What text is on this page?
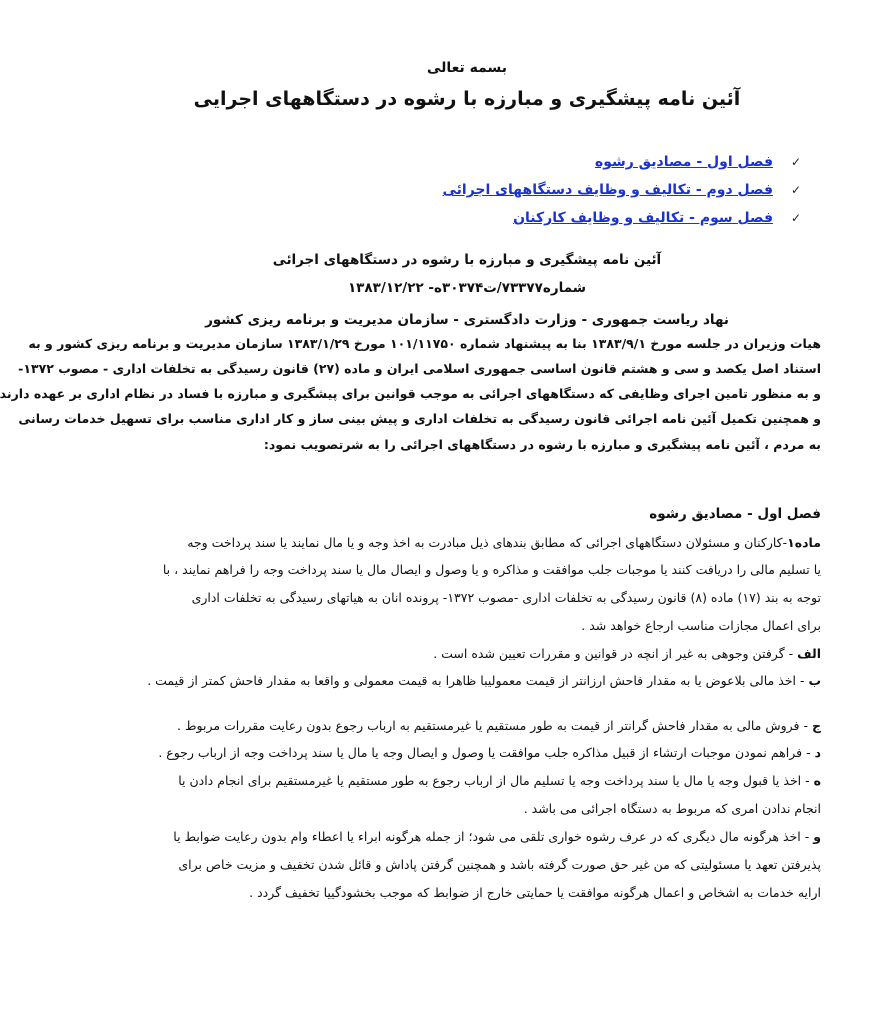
بسمه تعالی
آئین نامه پیشگیری و مبارزه با رشوه در دستگاههای اجرایی
✓
فصل اول - مصادیق رشوه
✓
فصل دوم - تکالیف و وظایف دستگاههای اجرائی
✓
فصل سوم - تکالیف و وظایف کارکنان
آئین نامه پیشگیری و مبارزه با رشوه در دستگاههای اجرائی
شماره۷۳۳۷۷/ت۳۰۳۷۴ه- ۱۳۸۳/۱۲/۲۲
نهاد ریاست جمهوری - وزارت دادگستری - سازمان مدیریت و برنامه ریزی کشور
هیات وزیران در جلسه مورخ ۱۳۸۳/۹/۱ بنا به پیشنهاد شماره ۱۰۱/۱۱۷۵۰ مورخ ۱۳۸۳/۱/۲۹ سازمان مدیریت و برنامه ریزی کشور و به
استناد اصل یکصد و سی و هشتم قانون اساسی جمهوری اسلامی ایران و ماده (۲۷) قانون رسیدگی به تخلفات اداری - مصوب ۱۳۷۲-
و به منظور تامین اجرای وظایفی که دستگاههای اجرائی به موجب قوانین برای پیشگیری و مبارزه با فساد در نظام اداری بر عهده دارند
و همچنین تکمیل آئین نامه اجرائی قانون رسیدگی به تخلفات اداری و پیش بینی ساز و کار اداری مناسب برای تسهیل خدمات رسانی
به مردم ، آئین نامه پیشگیری و مبارزه با رشوه در دستگاههای اجرائی را به شرتصویب نمود:
فصل اول - مصادیق رشوه
ماده۱-کارکنان و مسئولان دستگاههای اجرائی که مطابق بندهای ذیل مبادرت به اخذ وجه و یا مال نمایند یا سند پرداخت وجه
یا تسلیم مالی را دریافت کنند یا موجبات جلب موافقت و مذاکره و یا وصول و ایصال مال یا سند پرداخت وجه را فراهم نمایند ، با
توجه به بند (۱۷) ماده (۸) قانون رسیدگی به تخلفات اداری -مصوب ۱۳۷۲- پرونده انان به هیاتهای رسیدگی به تخلفات اداری
برای اعمال مجازات مناسب ارجاع خواهد شد .
الف - گرفتن وجوهی به غیر از انچه در قوانین و مقررات تعیین شده است .
ب - اخذ مالی بلاعوض یا به مقدار فاحش ارزانتر از قیمت معمولیبا ظاهرا به قیمت معمولی و واقعا به مقدار فاحش کمتر از قیمت .
ج - فروش مالی به مقدار فاحش گرانتر از قیمت به طور مستقیم یا غیرمستقیم به ارباب رجوع بدون رعایت مقررات مربوط .
د - فراهم نمودن موجبات ارتشاء از قبیل مذاکره جلب موافقت یا وصول و ایصال وجه یا مال یا سند پرداخت وجه از ارباب رجوع .
ه - اخذ یا قبول وجه یا مال یا سند پرداخت وجه یا تسلیم مال از ارباب رجوع به طور مستقیم یا غیرمستقیم برای انجام دادن یا
انجام ندادن امری که مربوط به دستگاه اجرائی می باشد .
و - اخذ هرگونه مال دیگری که در عرف رشوه خواری تلقی می شود؛ از جمله هرگونه ابراء یا اعطاء وام بدون رعایت ضوابط یا
پذیرفتن تعهد یا مسئولیتی که من غیر حق صورت گرفته باشد و همچنین گرفتن پاداش و قائل شدن تخفیف و مزیت خاص برای
ارایه خدمات به اشخاص و اعمال هرگونه موافقت یا حمایتی خارج از ضوابط که موجب بخشودگییا تخفیف گردد .
